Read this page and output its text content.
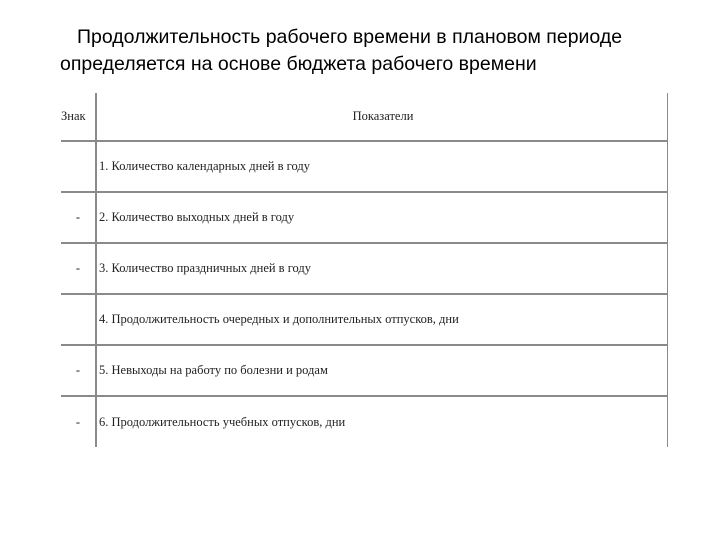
Продолжительность рабочего времени в плановом периоде
определяется на основе бюджета рабочего времени
Знак	Показатели
	1. Количество календарных дней в году
-	2. Количество выходных дней в году
-	3. Количество праздничных дней в году
	4. Продолжительность очередных и дополнительных отпусков, дни
-	5. Невыходы на работу по болезни и родам
-	6. Продолжительность учебных отпусков, дни
